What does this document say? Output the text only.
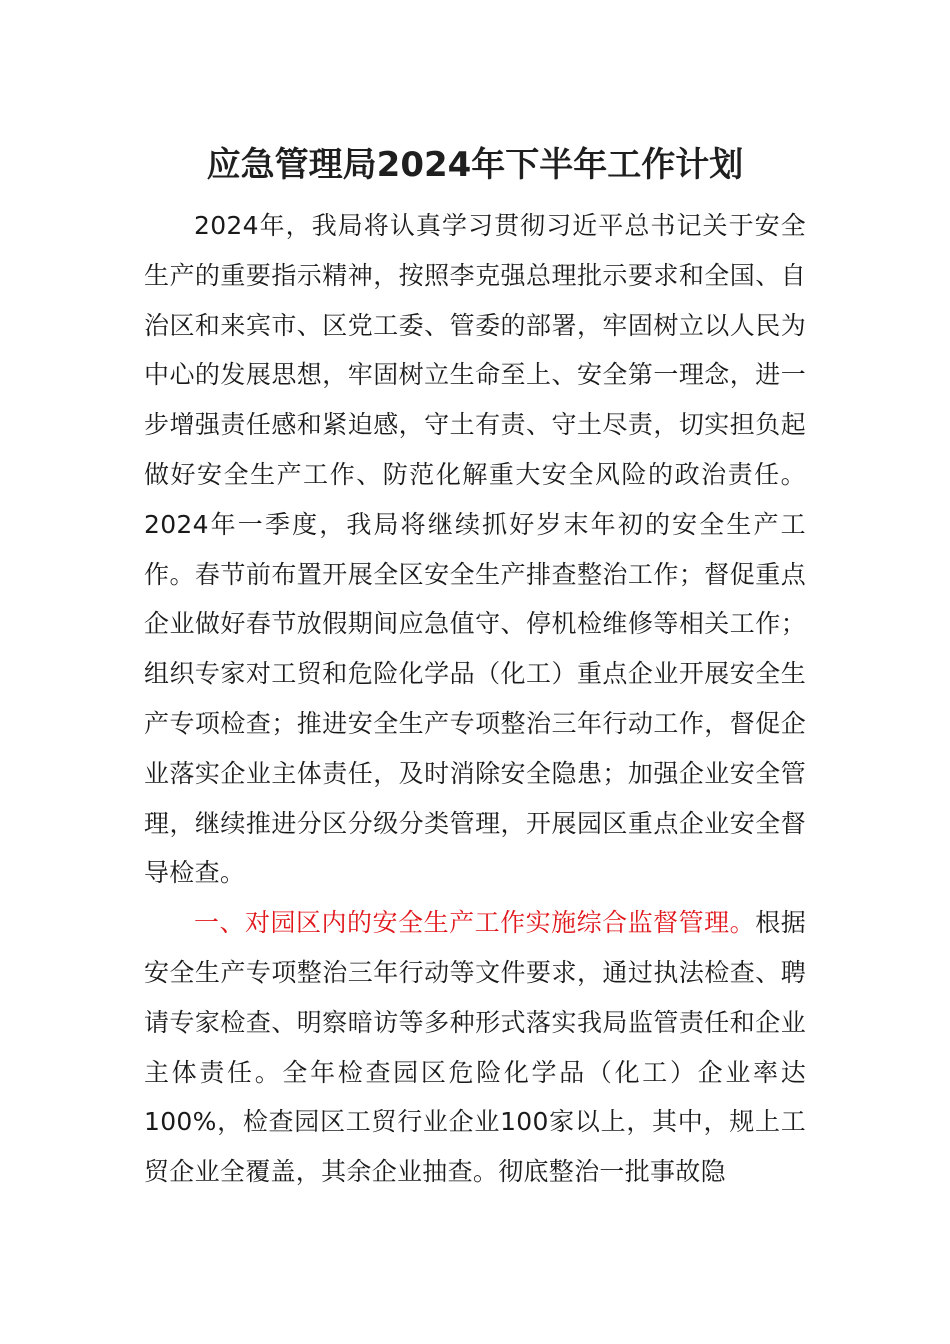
应急管理局2024年下半年工作计划

2024年，我局将认真学习贯彻习近平总书记关于安全生产的重要指示精神，按照李克强总理批示要求和全国、自治区和来宾市、区党工委、管委的部署，牢固树立以人民为中心的发展思想，牢固树立生命至上、安全第一理念，进一步增强责任感和紧迫感，守土有责、守土尽责，切实担负起做好安全生产工作、防范化解重大安全风险的政治责任。2024年一季度，我局将继续抓好岁末年初的安全生产工作。春节前布置开展全区安全生产排查整治工作；督促重点企业做好春节放假期间应急值守、停机检维修等相关工作；组织专家对工贸和危险化学品（化工）重点企业开展安全生产专项检查；推进安全生产专项整治三年行动工作，督促企业落实企业主体责任，及时消除安全隐患；加强企业安全管理，继续推进分区分级分类管理，开展园区重点企业安全督导检查。

一、对园区内的安全生产工作实施综合监督管理。根据安全生产专项整治三年行动等文件要求，通过执法检查、聘请专家检查、明察暗访等多种形式落实我局监管责任和企业主体责任。全年检查园区危险化学品（化工）企业率达100%，检查园区工贸行业企业100家以上，其中，规上工贸企业全覆盖，其余企业抽查。彻底整治一批事故隐
